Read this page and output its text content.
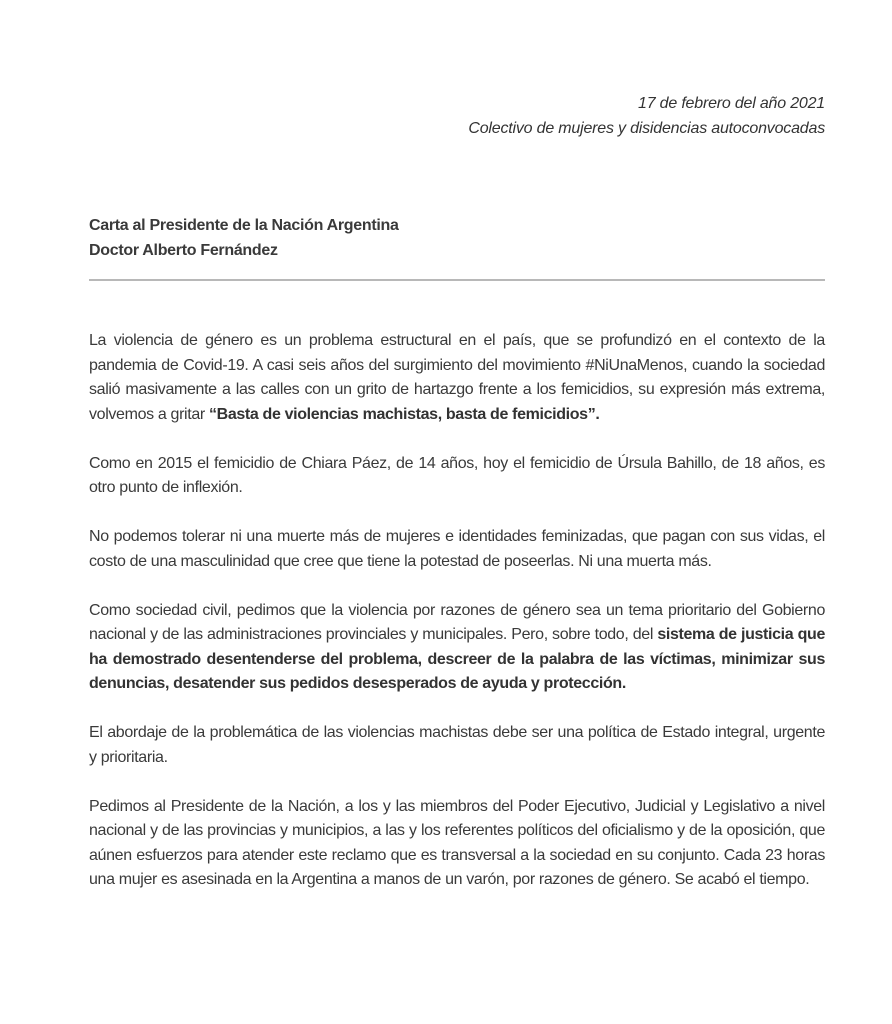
17 de febrero del año 2021
Colectivo de mujeres y disidencias autoconvocadas
Carta al Presidente de la Nación Argentina
Doctor Alberto Fernández

La violencia de género es un problema estructural en el país, que se profundizó en el contexto de la pandemia de Covid-19. A casi seis años del surgimiento del movimiento #NiUnaMenos, cuando la sociedad salió masivamente a las calles con un grito de hartazgo frente a los femicidios, su expresión más extrema, volvemos a gritar “Basta de violencias machistas, basta de femicidios”.

Como en 2015 el femicidio de Chiara Páez, de 14 años, hoy el femicidio de Úrsula Bahillo, de 18 años, es otro punto de inflexión.

No podemos tolerar ni una muerte más de mujeres e identidades feminizadas, que pagan con sus vidas, el costo de una masculinidad que cree que tiene la potestad de poseerlas. Ni una muerta más.

Como sociedad civil, pedimos que la violencia por razones de género sea un tema prioritario del Gobierno nacional y de las administraciones provinciales y municipales. Pero, sobre todo, del sistema de justicia que ha demostrado desentenderse del problema, descreer de la palabra de las víctimas, minimizar sus denuncias, desatender sus pedidos desesperados de ayuda y protección.

El abordaje de la problemática de las violencias machistas debe ser una política de Estado integral, urgente y prioritaria.

Pedimos al Presidente de la Nación, a los y las miembros del Poder Ejecutivo, Judicial y Legislativo a nivel nacional y de las provincias y municipios, a las y los referentes políticos del oficialismo y de la oposición, que aúnen esfuerzos para atender este reclamo que es transversal a la sociedad en su conjunto. Cada 23 horas una mujer es asesinada en la Argentina a manos de un varón, por razones de género. Se acabó el tiempo.
